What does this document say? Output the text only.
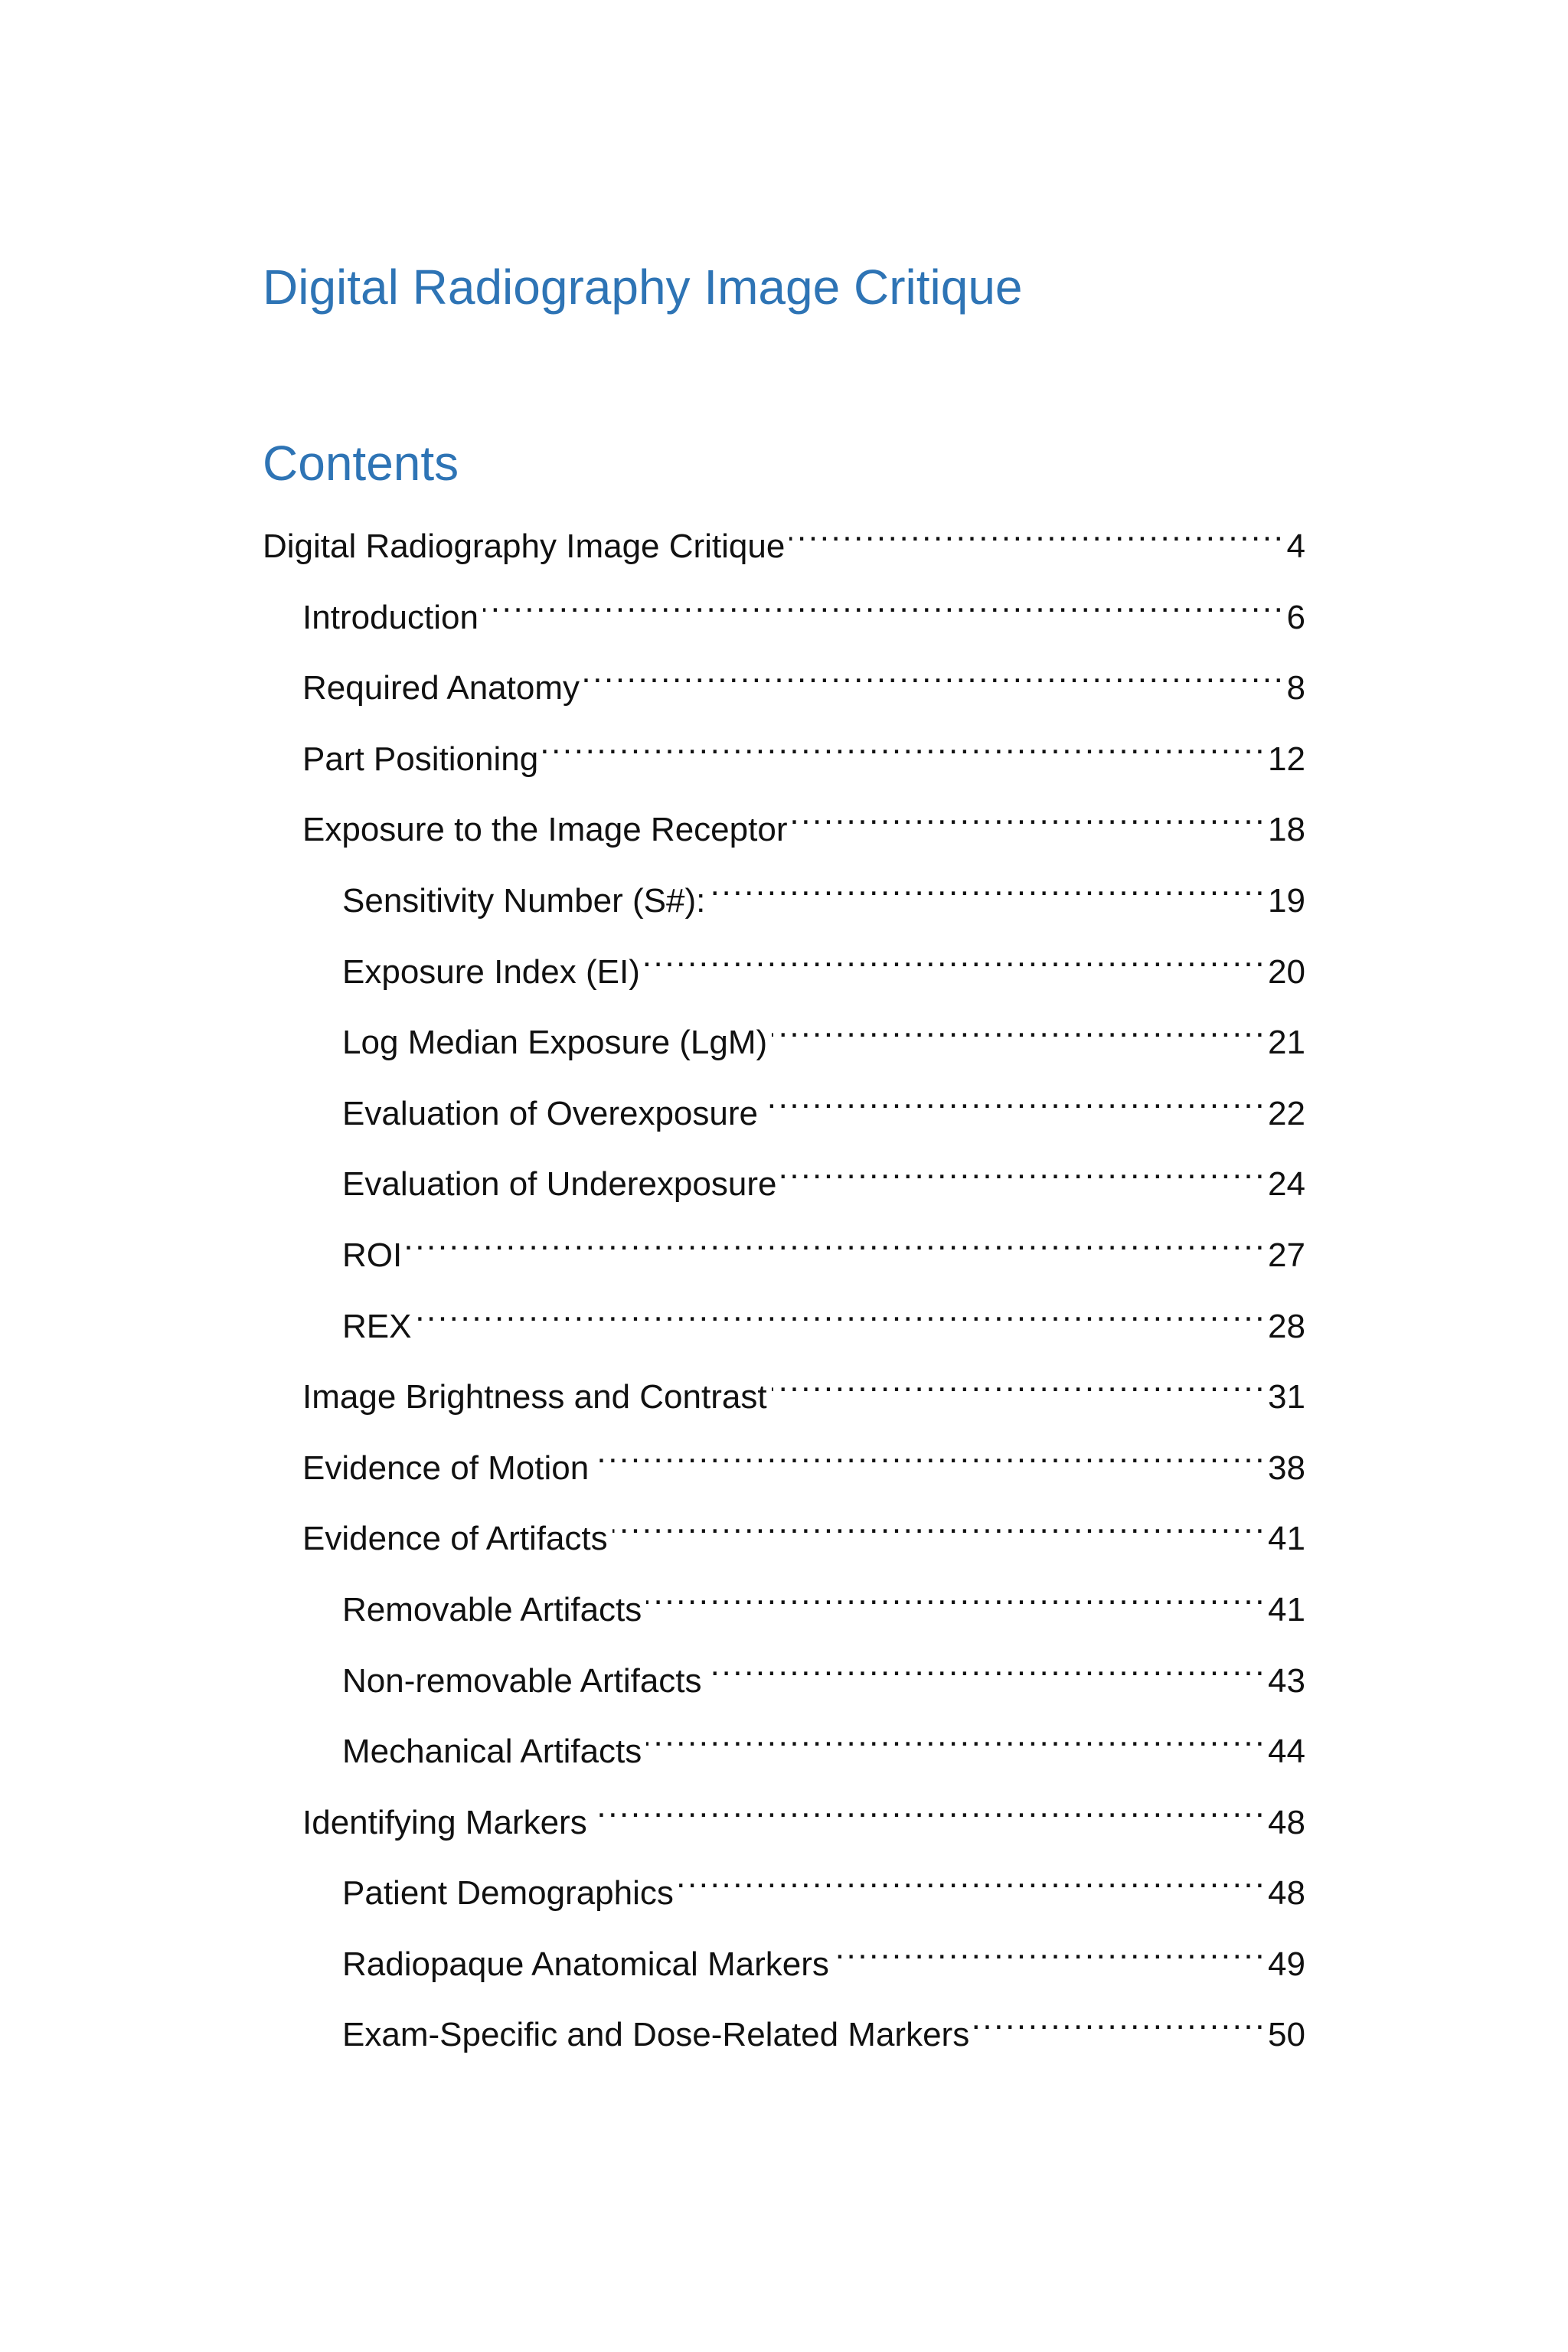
Digital Radiography Image Critique
Contents
Digital Radiography Image Critique .....	4
Introduction .....	6
Required Anatomy .....	8
Part Positioning .....	12
Exposure to the Image Receptor .....	18
Sensitivity Number (S#): .....	19
Exposure Index (EI) .....	20
Log Median Exposure (LgM) .....	21
Evaluation of Overexposure .....	22
Evaluation of Underexposure .....	24
ROI .....	27
REX .....	28
Image Brightness and Contrast .....	31
Evidence of Motion .....	38
Evidence of Artifacts .....	41
Removable Artifacts .....	41
Non-removable Artifacts .....	43
Mechanical Artifacts .....	44
Identifying Markers .....	48
Patient Demographics .....	48
Radiopaque Anatomical Markers .....	49
Exam-Specific and Dose-Related Markers .....	50
